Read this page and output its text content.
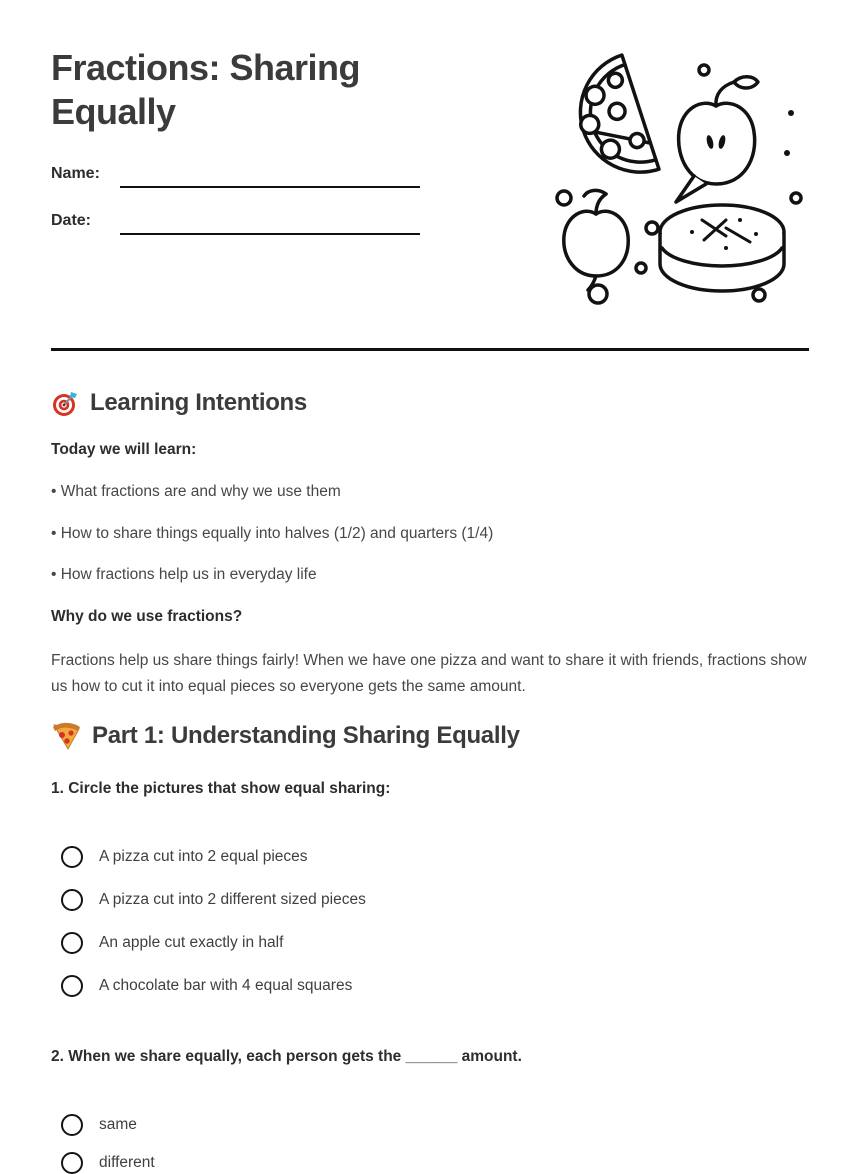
Fractions: Sharing Equally
Name:
Date:
Learning Intentions
Today we will learn:
• What fractions are and why we use them
• How to share things equally into halves (1/2) and quarters (1/4)
• How fractions help us in everyday life
Why do we use fractions?
Fractions help us share things fairly! When we have one pizza and want to share it with friends, fractions show us how to cut it into equal pieces so everyone gets the same amount.
Part 1: Understanding Sharing Equally
1. Circle the pictures that show equal sharing:
A pizza cut into 2 equal pieces
A pizza cut into 2 different sized pieces
An apple cut exactly in half
A chocolate bar with 4 equal squares
2. When we share equally, each person gets the ______ amount.
same
different
